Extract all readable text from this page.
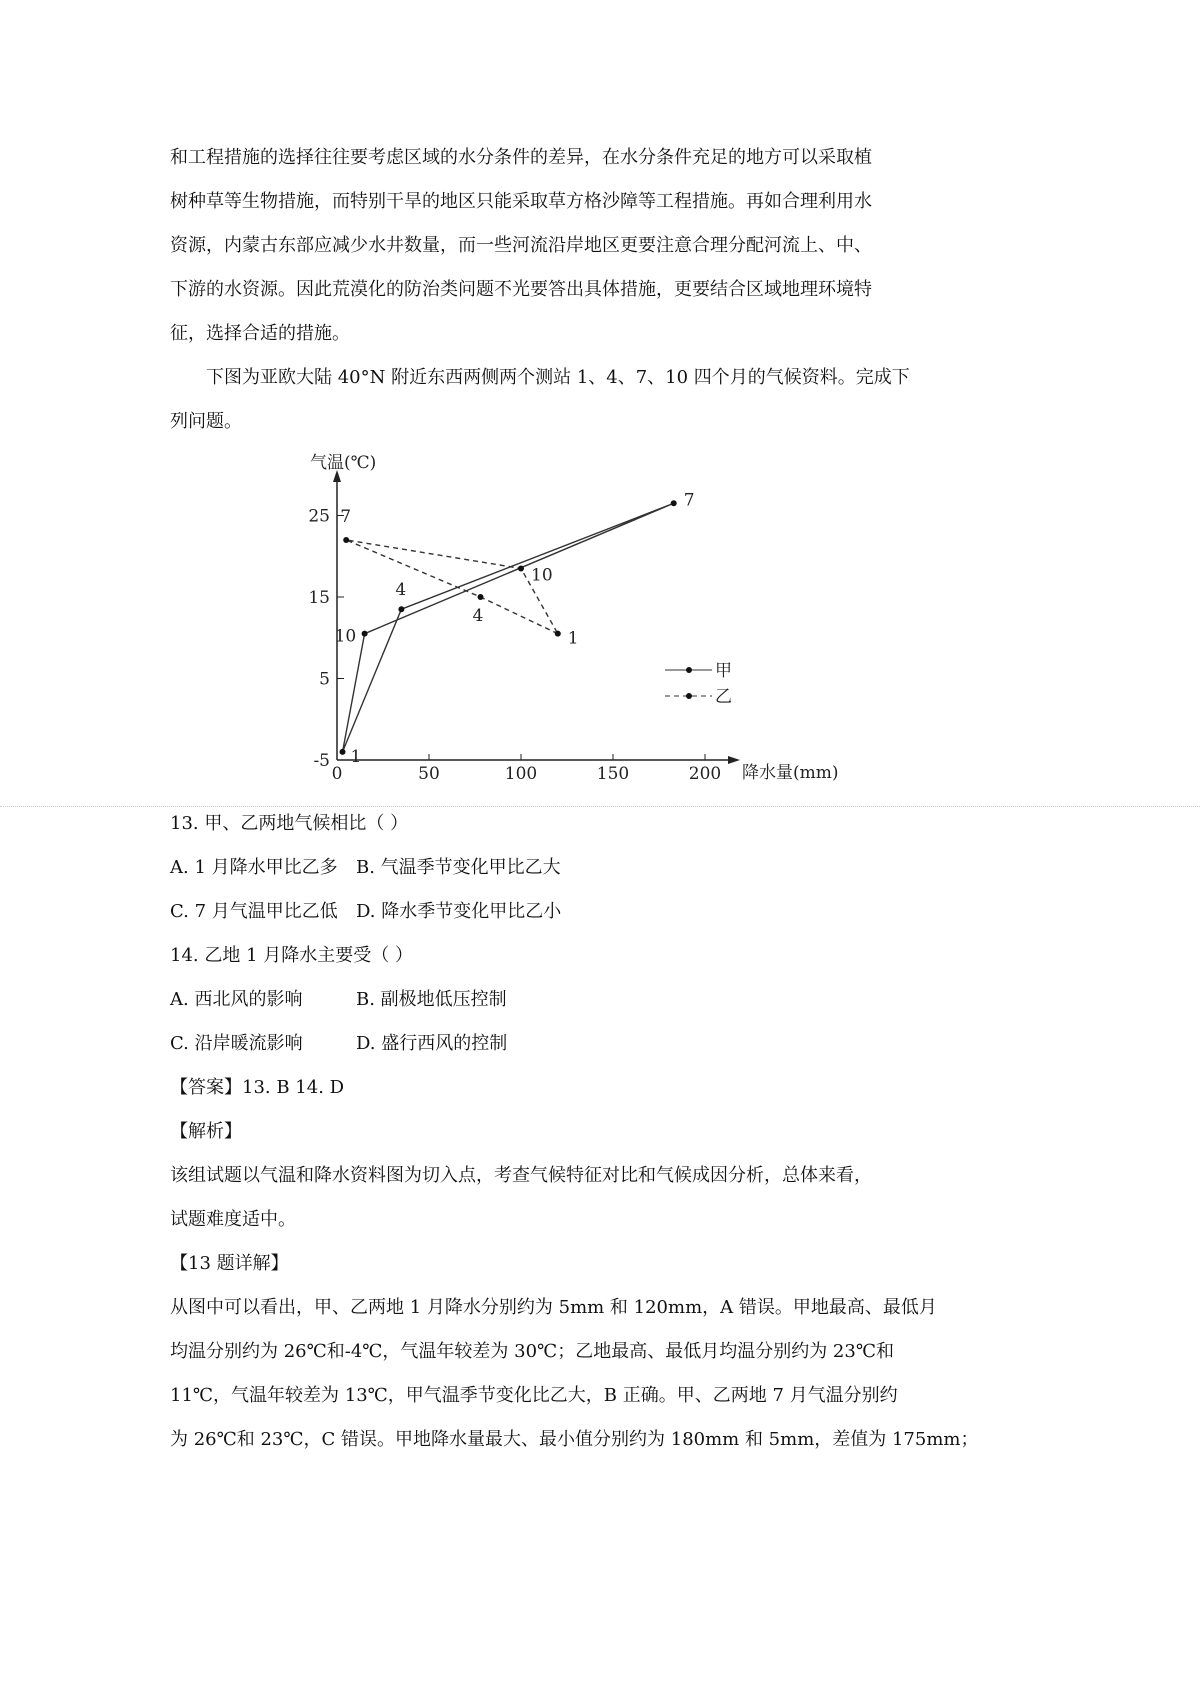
和工程措施的选择往往要考虑区域的水分条件的差异，在水分条件充足的地方可以采取植
树种草等生物措施，而特别干旱的地区只能采取草方格沙障等工程措施。再如合理利用水
资源，内蒙古东部应减少水井数量，而一些河流沿岸地区更要注意合理分配河流上、中、
下游的水资源。因此荒漠化的防治类问题不光要答出具体措施，更要结合区域地理环境特
征，选择合适的措施。
下图为亚欧大陆 40°N 附近东西两侧两个测站 1、4、7、10 四个月的气候资料。完成下
列问题。
气温(℃)
降水量(mm)
-5
5
15
25
0	50	100	150	200
1
4
7
10	1
4
7
10
甲
乙
13. 甲、乙两地气候相比（ ）
A. 1 月降水甲比乙多 B. 气温季节变化甲比乙大
C. 7 月气温甲比乙低 D. 降水季节变化甲比乙小
14. 乙地 1 月降水主要受（ ）
A. 西北风的影响	B. 副极地低压控制
C. 沿岸暖流影响	D. 盛行西风的控制
【答案】13. B 14. D
【解析】
该组试题以气温和降水资料图为切入点，考查气候特征对比和气候成因分析，总体来看，
试题难度适中。
【13 题详解】
从图中可以看出，甲、乙两地 1 月降水分别约为 5mm 和 120mm，A 错误。甲地最高、最低月
均温分别约为 26℃和-4℃，气温年较差为 30℃；乙地最高、最低月均温分别约为 23℃和
11℃，气温年较差为 13℃，甲气温季节变化比乙大，B 正确。甲、乙两地 7 月气温分别约
为 26℃和 23℃，C 错误。甲地降水量最大、最小值分别约为 180mm 和 5mm，差值为 175mm；
